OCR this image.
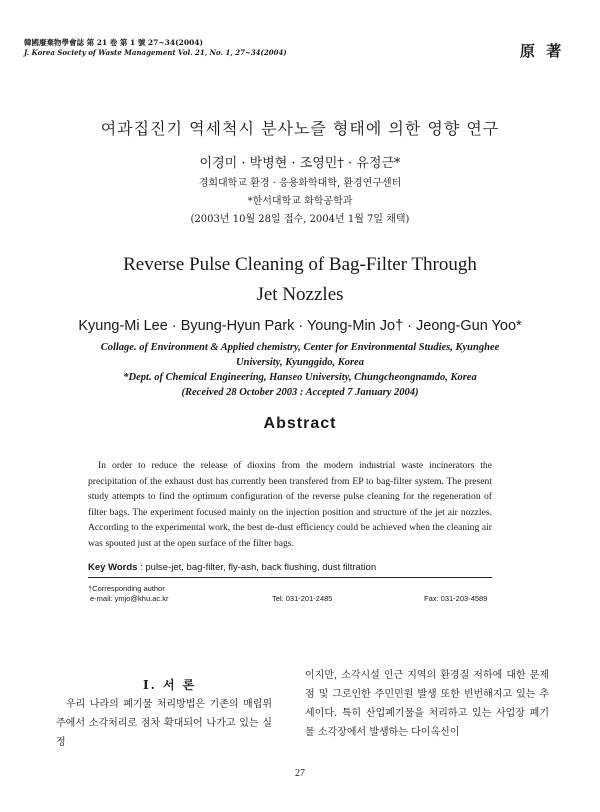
韓國廢棄物學會誌 第 21 卷 第 1 號 27~34(2004)
J. Korea Society of Waste Management Vol. 21, No. 1, 27~34(2004)	原 著
여과집진기 역세척시 분사노즐 형태에 의한 영향 연구
이경미 · 박병현 · 조영민† · 유정근*
경희대학교 환경 · 응용화학대학, 환경연구센터
*한서대학교 화학공학과
(2003년 10월 28일 접수, 2004년 1월 7일 채택)
Reverse Pulse Cleaning of Bag-Filter Through
Jet Nozzles
Kyung-Mi Lee · Byung-Hyun Park · Young-Min Jo† · Jeong-Gun Yoo*
Collage. of Environment & Applied chemistry, Center for Environmental Studies, Kyunghee
University, Kyunggido, Korea
*Dept. of Chemical Engineering, Hanseo University, Chungcheongnamdo, Korea
(Received 28 October 2003 : Accepted 7 January 2004)
Abstract
In order to reduce the release of dioxins from the modern industrial waste incinerators the precipitation of the exhaust dust has currently been transfered from EP to bag-filter system. The present study attempts to find the optimum configuration of the reverse pulse cleaning for the regeneration of filter bags. The experiment focused mainly on the injection position and structure of the jet air nozzles. According to the experimental work, the best de-dust efficiency could be achieved when the cleaning air was spouted just at the open surface of the filter bags.
Key Words : pulse-jet, bag-filter, fly-ash, back flushing, dust filtration
†Corresponding author
e-mail: ymjo@khu.ac.kr	Tel: 031-201-2485	Fax: 031-203-4589
Ⅰ. 서 론
우리 나라의 폐기물 처리방법은 기존의 매립위주에서 소각처리로 점차 확대되어 나가고 있는 실정
이지만, 소각시설 인근 지역의 환경질 저하에 대한 문제점 및 그로인한 주민민원 발생 또한 빈번해지고 있는 추세이다. 특히 산업폐기물을 처리하고 있는 사업장 폐기물 소각장에서 발생하는 다이옥신이
27
